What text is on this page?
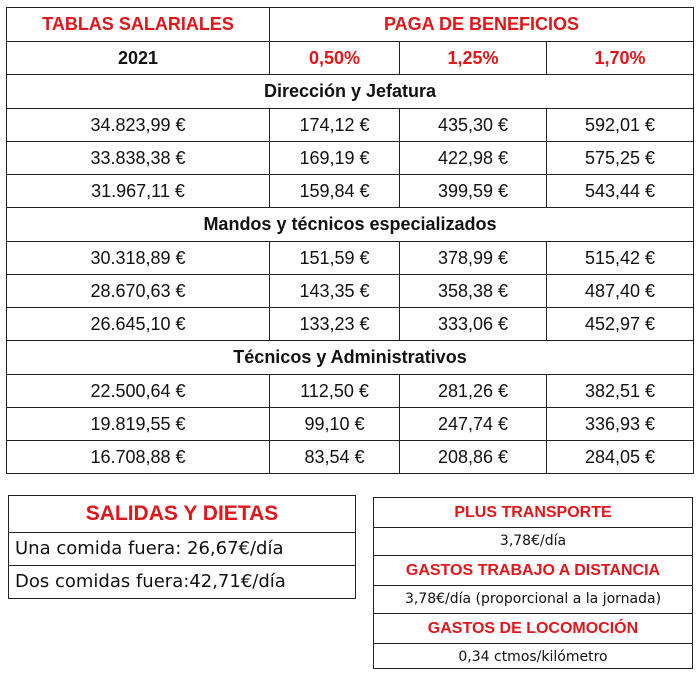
TABLAS SALARIALES	PAGA DE BENEFICIOS		
2021	0,50%	1,25%	1,70%
Dirección y Jefatura			
34.823,99 €	174,12 €	435,30 €	592,01 €
33.838,38 €	169,19 €	422,98 €	575,25 €
31.967,11 €	159,84 €	399,59 €	543,44 €
Mandos y técnicos especializados			
30.318,89 €	151,59 €	378,99 €	515,42 €
28.670,63 €	143,35 €	358,38 €	487,40 €
26.645,10 €	133,23 €	333,06 €	452,97 €
Técnicos y Administrativos			
22.500,64 €	112,50 €	281,26 €	382,51 €
19.819,55 €	99,10 €	247,74 €	336,93 €
16.708,88 €	83,54 €	208,86 €	284,05 €
SALIDAS Y DIETAS
Una comida fuera: 26,67€/día
Dos comidas fuera:42,71€/día
PLUS TRANSPORTE
3,78€/día
GASTOS TRABAJO A DISTANCIA
3,78€/día (proporcional a la jornada)
GASTOS DE LOCOMOCIÓN
0,34 ctmos/kilómetro
